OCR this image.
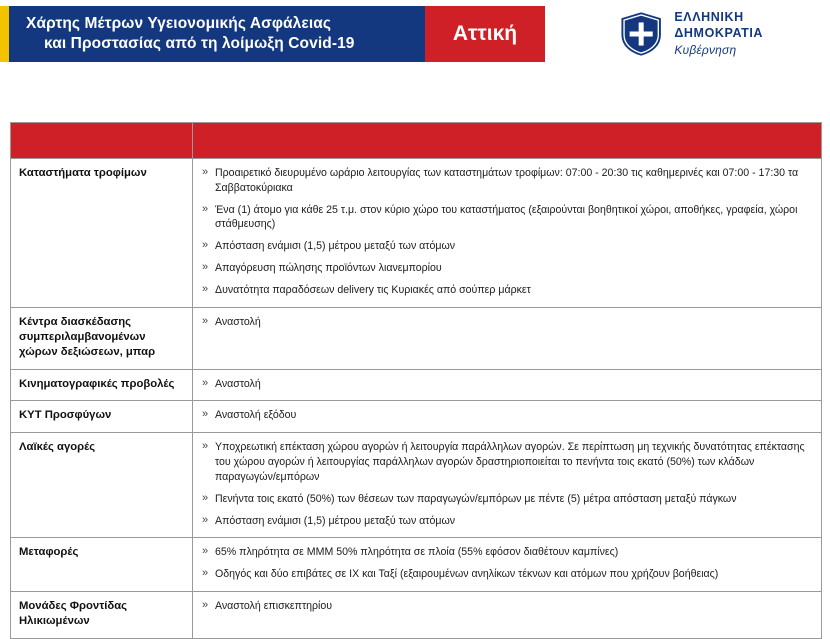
Χάρτης Μέτρων Υγειονομικής Ασφάλειας
και Προστασίας από τη λοίμωξη Covid-19	Αττική
ΕΛΛΗΝΙΚΗ ΔΗΜΟΚΡΑΤΙΑ
Κυβέρνηση

Καταστήματα τροφίμων	
»Προαιρετικό διευρυμένο ωράριο λειτουργίας των καταστημάτων τροφίμων: 07:00 - 20:30 τις καθημερινές και 07:00 - 17:30 τα Σαββατοκύριακα
» Ένα (1) άτομο για κάθε 25 τ.μ. στον κύριο χώρο του καταστήματος (εξαιρούνται βοηθητικοί χώροι, αποθήκες, γραφεία, χώροι στάθμευσης)
» Απόσταση ενάμισι (1,5) μέτρου μεταξύ των ατόμων
» Απαγόρευση πώλησης προϊόντων λιανεμπορίου
» Δυνατότητα παραδόσεων delivery τις Κυριακές από σούπερ μάρκετ

Κέντρα διασκέδασης συμπεριλαμβανομένων χώρων δεξιώσεων, μπαρ	
» Αναστολή

Κινηματογραφικές προβολές	
»Αναστολή

ΚΥΤ Προσφύγων	
»Αναστολή εξόδου

Λαϊκές αγορές	
»Υποχρεωτική επέκταση χώρου αγορών ή λειτουργία παράλληλων αγορών. Σε περίπτωση μη τεχνικής δυνατότητας επέκτασης του χώρου αγορών ή λειτουργίας παράλληλων αγορών δραστηριοποιείται το πενήντα τοις εκατό (50%) των κλάδων παραγωγών/εμπόρων
» Πενήντα τοις εκατό (50%) των θέσεων των παραγωγών/εμπόρων με πέντε (5) μέτρα απόσταση μεταξύ πάγκων
» Απόσταση ενάμισι (1,5) μέτρου μεταξύ των ατόμων

Μεταφορές	
»65% πληρότητα σε ΜΜΜ 50% πληρότητα σε πλοία (55% εφόσον διαθέτουν καμπίνες)
» Οδηγός και δύο επιβάτες σε ΙΧ και Ταξί (εξαιρουμένων ανηλίκων τέκνων και ατόμων που χρήζουν βοήθειας)

Μονάδες Φροντίδας Ηλικιωμένων	
» Αναστολή επισκεπτηρίου
